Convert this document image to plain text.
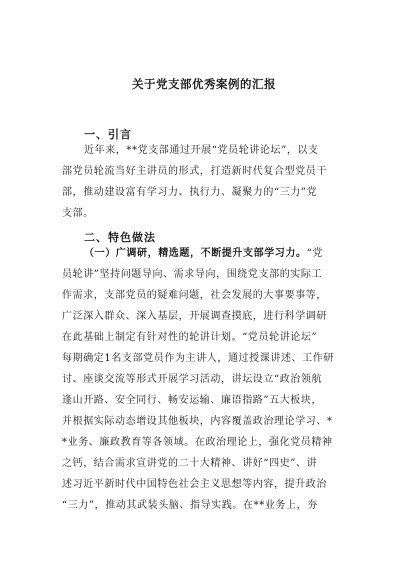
关于党支部优秀案例的汇报
一、引言
近年来，**党支部通过开展“党员轮讲论坛”，以支
部党员轮流当好主讲员的形式，打造新时代复合型党员干
部，推动建设富有学习力、执行力、凝聚力的“三力”党
支部。
二、特色做法
（一）广调研，精选题，不断提升支部学习力。“党
员轮讲”坚持问题导向、需求导向，围绕党支部的实际工
作需求，支部党员的疑难问题，社会发展的大事要事等，
广泛深入群众、深入基层，开展调查摸底，进行科学调研
在此基础上制定有针对性的轮讲计划。“党员轮讲论坛”
每期确定1名支部党员作为主讲人，通过授课讲述、工作研
讨、座谈交流等形式开展学习活动，讲坛设立“政治领航
逢山开路、安全同行、畅安运输、廉语指路”五大板块，
并根据实际动态增设其他板块，内容覆盖政治理论学习、*
*业务、廉政教育等各领域。在政治理论上，强化党员精神
之钙，结合需求宣讲党的二十大精神、讲好“四史”、讲
述习近平新时代中国特色社会主义思想等内容，提升政治
“三力”，推动其武装头脑、指导实践。在**业务上，夯
